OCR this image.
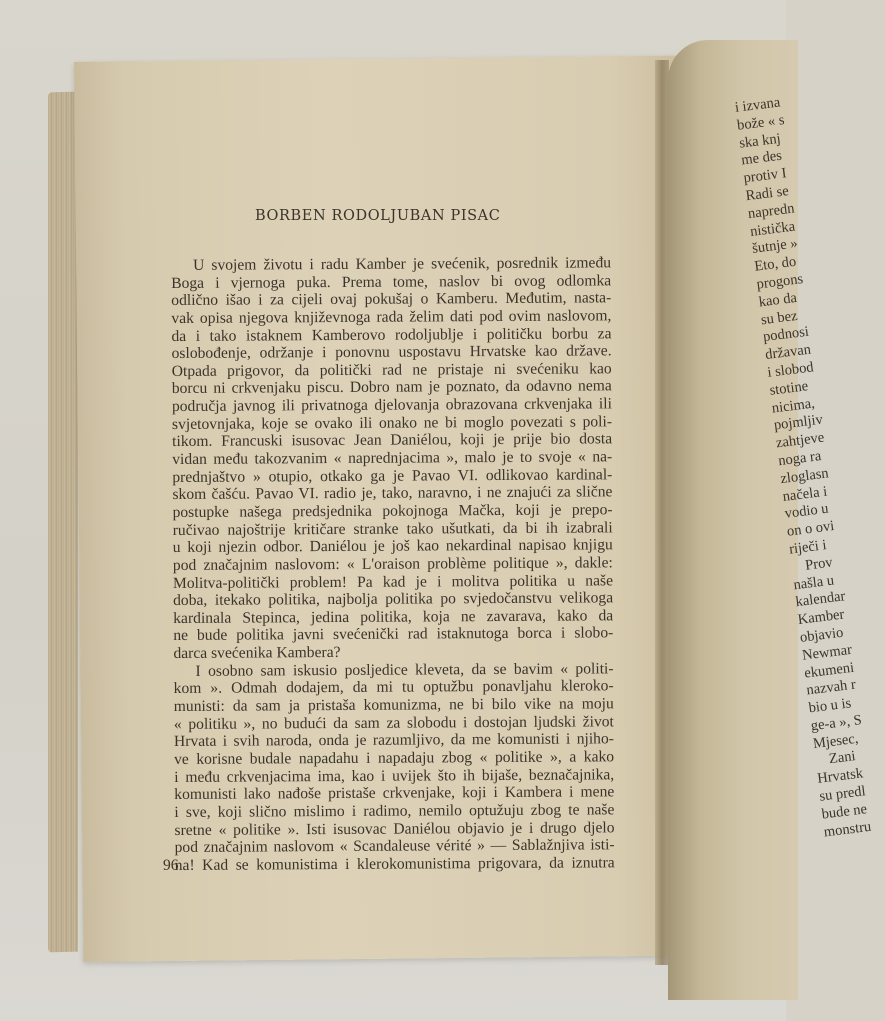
BORBEN RODOLJUBAN PISAC
U svojem životu i radu Kamber je svećenik, posrednik između
Boga i vjernoga puka. Prema tome, naslov bi ovog odlomka
odlično išao i za cijeli ovaj pokušaj o Kamberu. Međutim, nasta-
vak opisa njegova književnoga rada želim dati pod ovim naslovom,
da i tako istaknem Kamberovo rodoljublje i političku borbu za
oslobođenje, održanje i ponovnu uspostavu Hrvatske kao države.
Otpada prigovor, da politički rad ne pristaje ni svećeniku kao
borcu ni crkvenjaku piscu. Dobro nam je poznato, da odavno nema
područja javnog ili privatnoga djelovanja obrazovana crkvenjaka ili
svjetovnjaka, koje se ovako ili onako ne bi moglo povezati s poli-
tikom. Francuski isusovac Jean Daniélou, koji je prije bio dosta
vidan među takozvanim « naprednjacima », malo je to svoje « na-
prednjaštvo » otupio, otkako ga je Pavao VI. odlikovao kardinal-
skom čašću. Pavao VI. radio je, tako, naravno, i ne znajući za slične
postupke našega predsjednika pokojnoga Mačka, koji je prepo-
ručivao najoštrije kritičare stranke tako ušutkati, da bi ih izabrali
u koji njezin odbor. Daniélou je još kao nekardinal napisao knjigu
pod značajnim naslovom: « L'oraison problème politique », dakle:
Molitva-politički problem! Pa kad je i molitva politika u naše
doba, itekako politika, najbolja politika po svjedočanstvu velikoga
kardinala Stepinca, jedina politika, koja ne zavarava, kako da
ne bude politika javni svećenički rad istaknutoga borca i slobo-
darca svećenika Kambera?
I osobno sam iskusio posljedice kleveta, da se bavim « politi-
kom ». Odmah dodajem, da mi tu optužbu ponavljahu kleroko-
munisti: da sam ja pristaša komunizma, ne bi bilo vike na moju
« politiku », no budući da sam za slobodu i dostojan ljudski život
Hrvata i svih naroda, onda je razumljivo, da me komunisti i njiho-
ve korisne budale napadahu i napadaju zbog « politike », a kako
i među crkvenjacima ima, kao i uvijek što ih bijaše, beznačajnika,
komunisti lako nađoše pristaše crkvenjake, koji i Kambera i mene
i sve, koji slično mislimo i radimo, nemilo optužuju zbog te naše
sretne « politike ». Isti isusovac Daniélou objavio je i drugo djelo
pod značajnim naslovom « Scandaleuse vérité » — Sablažnjiva isti-
na! Kad se komunistima i klerokomunistima prigovara, da iznutra
96
i izvana
bože « s
ska knj
me des
protiv I
Radi se
napredn
nistička
šutnje »
Eto, do
progons
kao da
su bez
podnosi
državan
i slobod
stotine
nicima,
pojmljiv
zahtjeve
noga ra
zloglasn
načela i
vodio u
on o ovi
riječi i
Prov
našla u
kalendar
Kamber
objavio
Newmar
ekumeni
nazvah r
bio u is
ge-a », S
Mjesec,
Zani
Hrvatsk
su predl
bude ne
monstru
